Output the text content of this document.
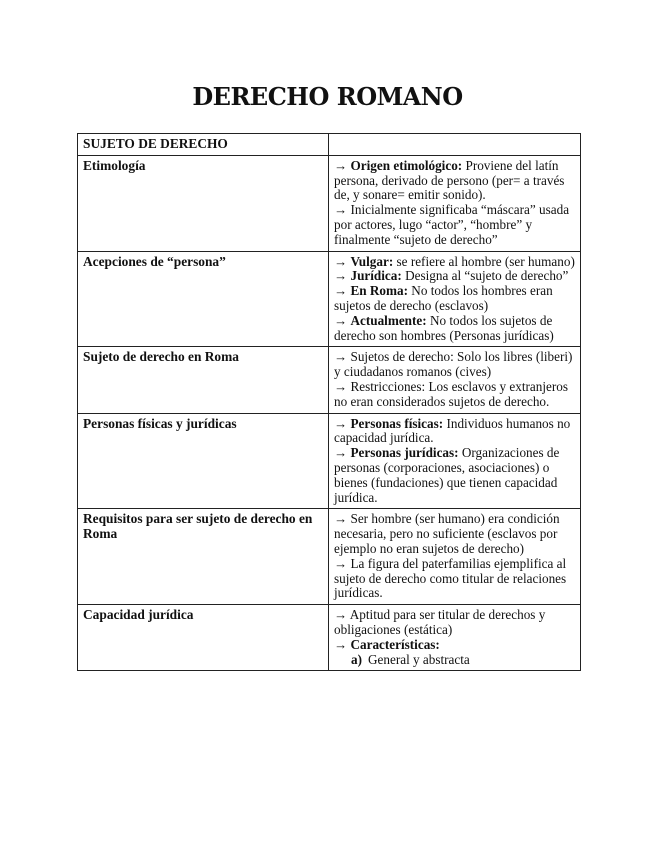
DERECHO ROMANO
SUJETO DE DERECHO	
Etimología	→ Origen etimológico: Proviene del latín persona, derivado de persono (per= a través de, y sonare= emitir sonido).
→ Inicialmente significaba “máscara” usada por actores, lugo “actor”, “hombre” y finalmente “sujeto de derecho”

Acepciones de “persona”	→ Vulgar: se refiere al hombre (ser humano)
→ Jurídica: Designa al “sujeto de derecho”
→ En Roma: No todos los hombres eran sujetos de derecho (esclavos)
→ Actualmente: No todos los sujetos de derecho son hombres (Personas jurídicas)

Sujeto de derecho en Roma	→ Sujetos de derecho: Solo los libres (liberi) y ciudadanos romanos (cives)
→ Restricciones: Los esclavos y extranjeros no eran considerados sujetos de derecho.

Personas físicas y jurídicas	→ Personas físicas: Individuos humanos no capacidad jurídica.
→ Personas jurídicas: Organizaciones de personas (corporaciones, asociaciones) o bienes (fundaciones) que tienen capacidad jurídica.

Requisitos para ser sujeto de derecho en Roma	→ Ser hombre (ser humano) era condición necesaria, pero no suficiente (esclavos por ejemplo no eran sujetos de derecho)
→ La figura del paterfamilias ejemplifica al sujeto de derecho como titular de relaciones jurídicas.

Capacidad jurídica	→ Aptitud para ser titular de derechos y obligaciones (estática)
→ Características:
a) General y abstracta
